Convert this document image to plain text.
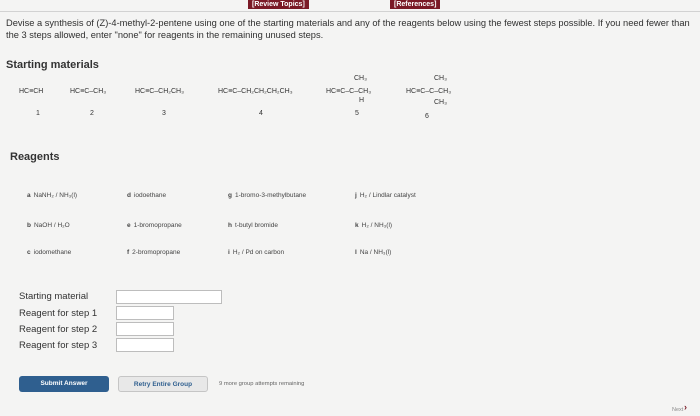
[Review Topics]	[References]
Devise a synthesis of (Z)-4-methyl-2-pentene using one of the starting materials and any of the reagents below using the fewest steps possible. If you need fewer than the 3 steps allowed, enter "none" for reagents in the remaining unused steps.
Starting materials
HC≡CH
1
HC≡C–CH₃
2
HC≡C–CH₂CH₃
3
HC≡C–CH₂CH₂CH₂CH₃
4
CH₃
HC≡C–C–CH₃
H
5
CH₃
HC≡C–C–CH₃
CH₃
6
Reagents
a NaNH₂ / NH₃(l)
b NaOH / H₂O
c iodomethane
d iodoethane
e 1-bromopropane
f 2-bromopropane
g 1-bromo-3-methylbutane
h t-butyl bromide
i H₂ / Pd on carbon
j H₂ / Lindlar catalyst
k H₂ / NH₃(l)
l Na / NH₃(l)
Starting material
Reagent for step 1
Reagent for step 2
Reagent for step 3
Submit Answer	Retry Entire Group	9 more group attempts remaining
Next ›
